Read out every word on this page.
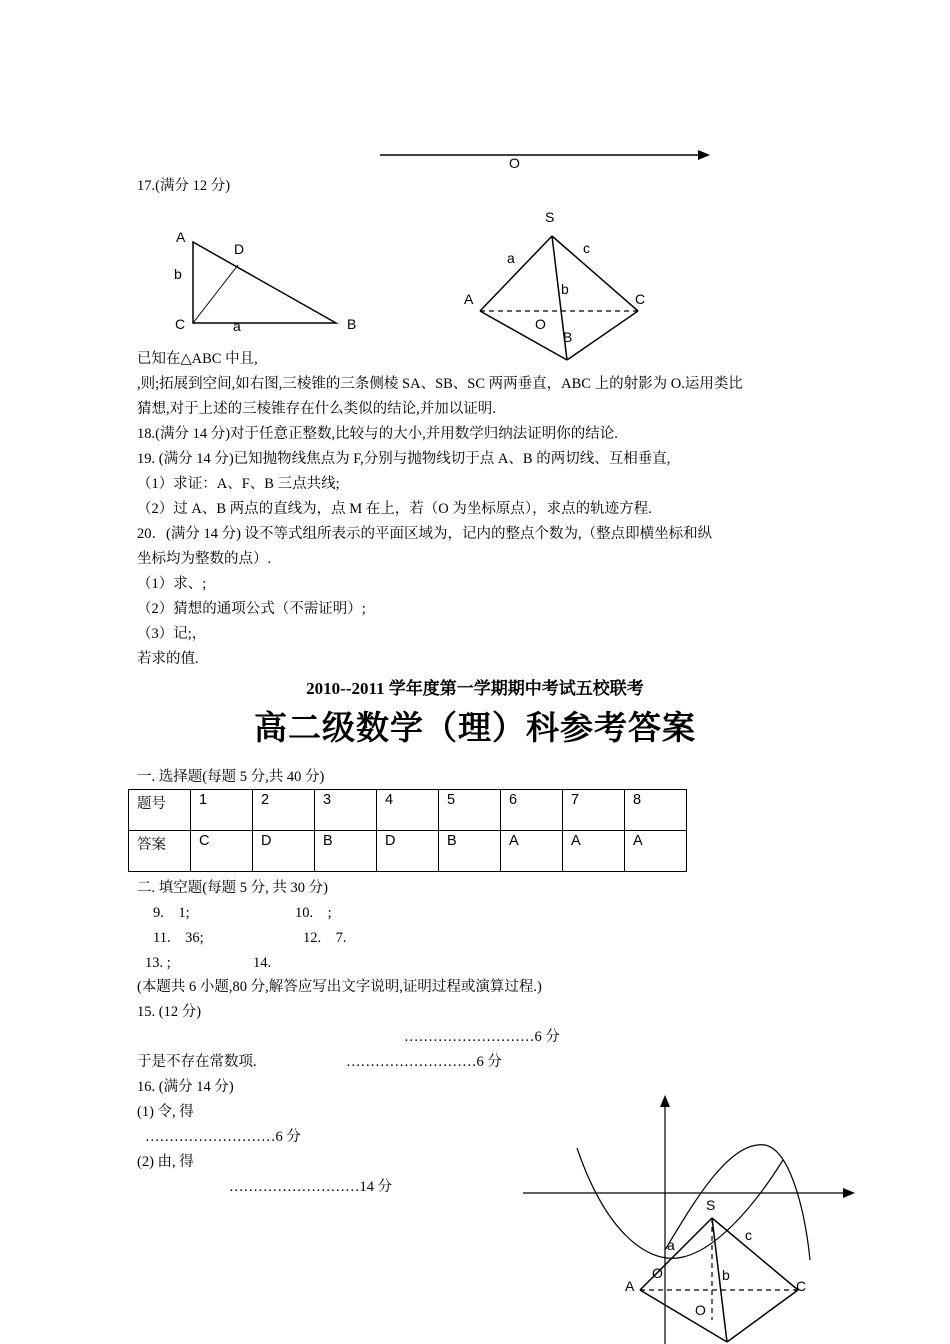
O
17.(满分 12 分)
A
D
b
C	a	B
S
a
c
b
A	C
O
B
已知在△ABC 中且,
,则;拓展到空间,如右图,三棱锥的三条侧棱 SA、SB、SC 两两垂直，ABC 上的射影为 O.运用类比
猜想,对于上述的三棱锥存在什么类似的结论,并加以证明.
18.(满分 14 分)对于任意正整数,比较与的大小,并用数学归纳法证明你的结论.
19. (满分 14 分)已知抛物线焦点为 F,分别与抛物线切于点 A、B 的两切线、互相垂直,
（1）求证：A、F、B 三点共线;
（2）过 A、B 两点的直线为，点 M 在上，若（O 为坐标原点），求点的轨迹方程.
20．(满分 14 分) 设不等式组所表示的平面区域为，记内的整点个数为,（整点即横坐标和纵
坐标均为整数的点）.
（1）求、;
（2）猜想的通项公式（不需证明）;
（3）记;，
若求的值.
2010--2011 学年度第一学期期中考试五校联考
高二级数学（理）科参考答案
一. 选择题(每题 5 分,共 40 分)
题号	1	2	3	4	5	6	7	8
答案	C	D	B	D	B	A	A	A
二. 填空题(每题 5 分, 共 30 分)
9.　1;	10.　;
11.　36;	12.　7.
13. ;	14.
(本题共 6 小题,80 分,解答应写出文字说明,证明过程或演算过程.)
15. (12 分)
………………………6 分
于是不存在常数项.	………………………6 分
16. (满分 14 分)
(1) 令, 得
………………………6 分
(2) 由, 得
………………………14 分
S
a
c
O	b
A	C
O
